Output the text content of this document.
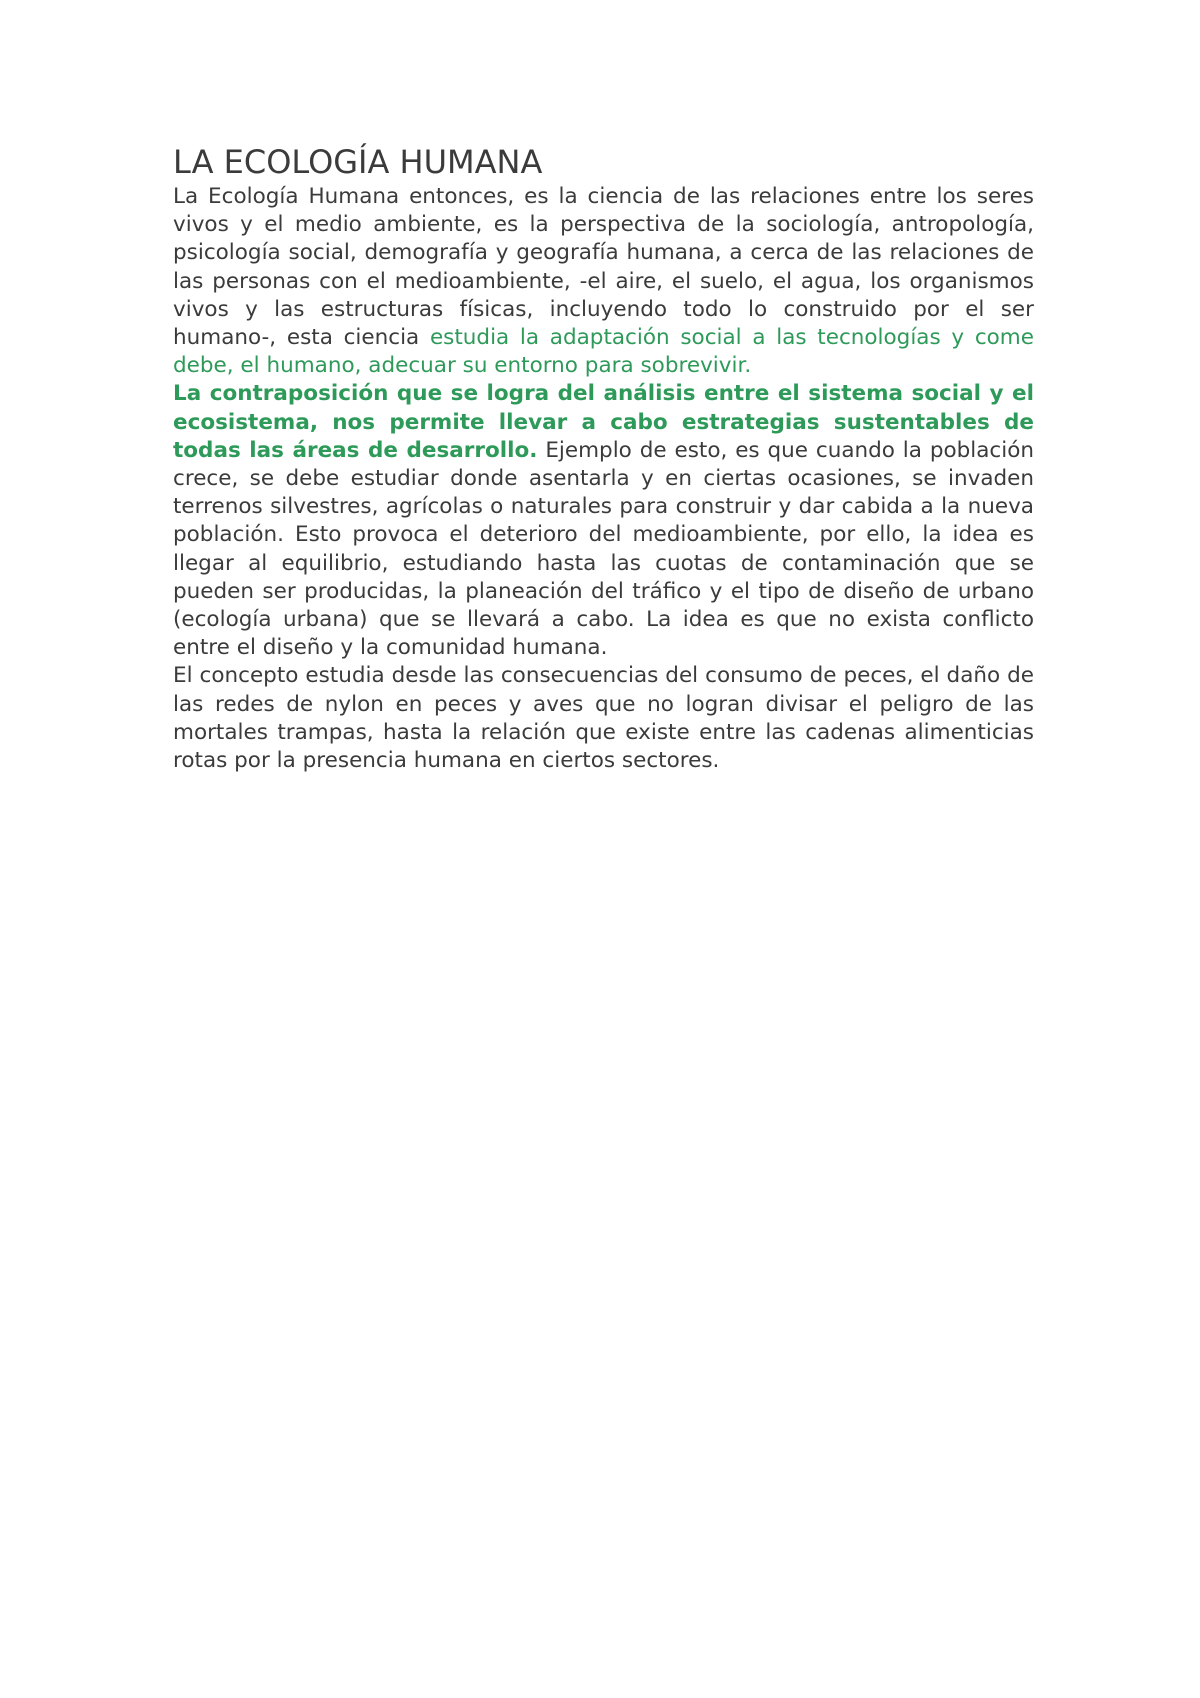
LA ECOLOGÍA HUMANA

La Ecología Humana entonces, es la ciencia de las relaciones entre los seres vivos y el medio ambiente, es la perspectiva de la sociología, antropología, psicología social, demografía y geografía humana, a cerca de las relaciones de las personas con el medioambiente, -el aire, el suelo, el agua, los organismos vivos y las estructuras físicas, incluyendo todo lo construido por el ser humano-, esta ciencia estudia la adaptación social a las tecnologías y come debe, el humano, adecuar su entorno para sobrevivir.

La contraposición que se logra del análisis entre el sistema social y el ecosistema, nos permite llevar a cabo estrategias sustentables de todas las áreas de desarrollo. Ejemplo de esto, es que cuando la población crece, se debe estudiar donde asentarla y en ciertas ocasiones, se invaden terrenos silvestres, agrícolas o naturales para construir y dar cabida a la nueva población. Esto provoca el deterioro del medioambiente, por ello, la idea es llegar al equilibrio, estudiando hasta las cuotas de contaminación que se pueden ser producidas, la planeación del tráfico y el tipo de diseño de urbano (ecología urbana) que se llevará a cabo. La idea es que no exista conflicto entre el diseño y la comunidad humana.

El concepto estudia desde las consecuencias del consumo de peces, el daño de las redes de nylon en peces y aves que no logran divisar el peligro de las mortales trampas, hasta la relación que existe entre las cadenas alimenticias rotas por la presencia humana en ciertos sectores.
